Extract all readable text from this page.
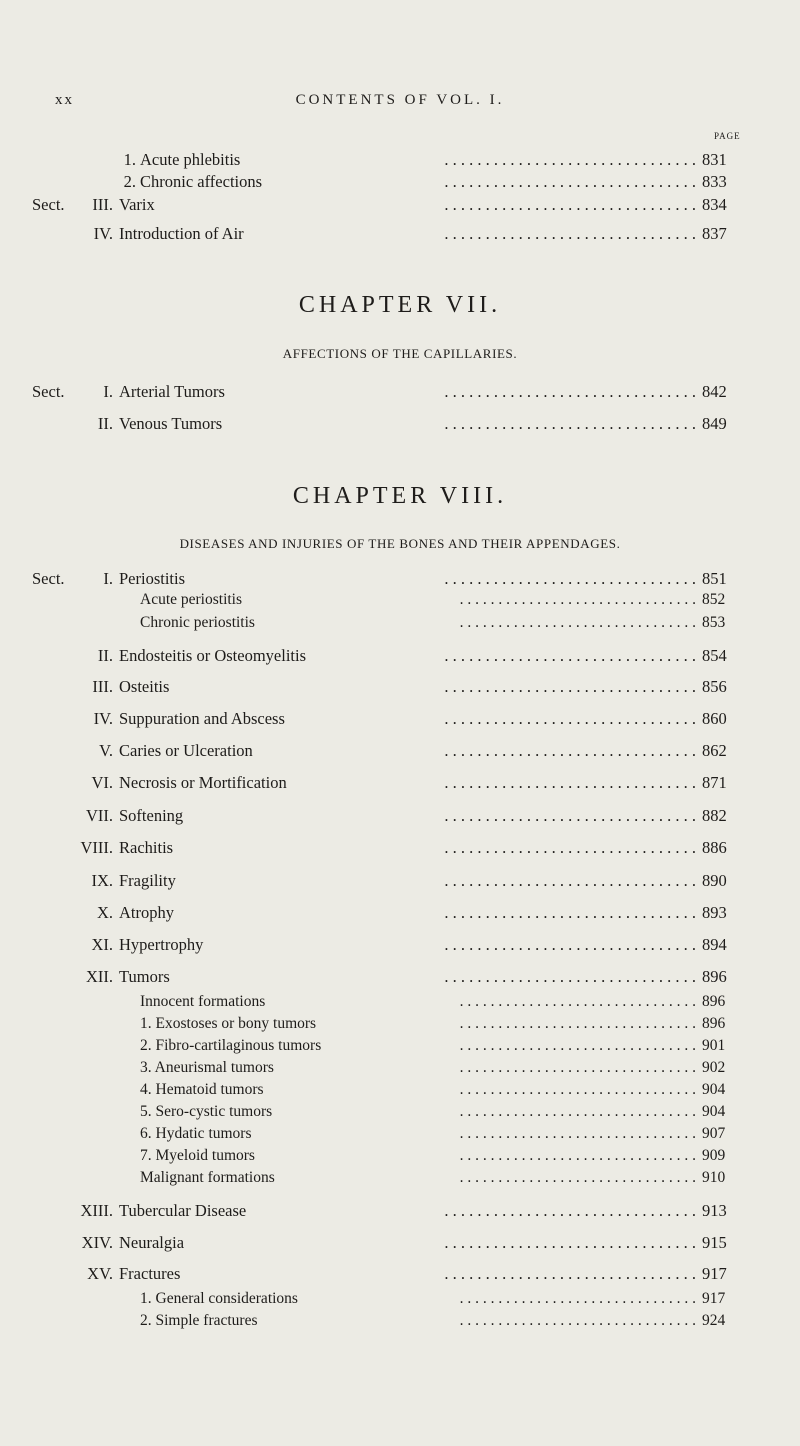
xx	CONTENTS OF VOL. I.
PAGE
1. Acute phlebitis	. . . . . . . . . . . . . . . . . . . . . . . . . . . . . . . 831
2. Chronic affections	. . . . . . . . . . . . . . . . . . . . . . . . . . . . . . . 833
Sect.	III. Varix	. . . . . . . . . . . . . . . . . . . . . . . . . . . . . . . 834
IV. Introduction of Air	. . . . . . . . . . . . . . . . . . . . . . . . . . . . . . . 837
CHAPTER VII.
AFFECTIONS OF THE CAPILLARIES.
Sect.	I. Arterial Tumors	. . . . . . . . . . . . . . . . . . . . . . . . . . . . . . . 842
II. Venous Tumors	. . . . . . . . . . . . . . . . . . . . . . . . . . . . . . . 849
CHAPTER VIII.
DISEASES AND INJURIES OF THE BONES AND THEIR APPENDAGES.
Sect.	I. Periostitis	. . . . . . . . . . . . . . . . . . . . . . . . . . . . . . . 851
Acute periostitis	. . . . . . . . . . . . . . . . . . . . . . . . . . . . . . . 852
Chronic periostitis	. . . . . . . . . . . . . . . . . . . . . . . . . . . . . . . 853
II. Endosteitis or Osteomyelitis	. . . . . . . . . . . . . . . . . . . . . . . . . . . . . . . 854
III. Osteitis	. . . . . . . . . . . . . . . . . . . . . . . . . . . . . . . 856
IV. Suppuration and Abscess	. . . . . . . . . . . . . . . . . . . . . . . . . . . . . . . 860
V. Caries or Ulceration	. . . . . . . . . . . . . . . . . . . . . . . . . . . . . . . 862
VI. Necrosis or Mortification	. . . . . . . . . . . . . . . . . . . . . . . . . . . . . . . 871
VII. Softening	. . . . . . . . . . . . . . . . . . . . . . . . . . . . . . . 882
VIII. Rachitis	. . . . . . . . . . . . . . . . . . . . . . . . . . . . . . . 886
IX. Fragility	. . . . . . . . . . . . . . . . . . . . . . . . . . . . . . . 890
X. Atrophy	. . . . . . . . . . . . . . . . . . . . . . . . . . . . . . . 893
XI. Hypertrophy	. . . . . . . . . . . . . . . . . . . . . . . . . . . . . . . 894
XII. Tumors	. . . . . . . . . . . . . . . . . . . . . . . . . . . . . . . 896
Innocent formations	. . . . . . . . . . . . . . . . . . . . . . . . . . . . . . . 896
1. Exostoses or bony tumors	. . . . . . . . . . . . . . . . . . . . . . . . . . . . . . . 896
2. Fibro-cartilaginous tumors	. . . . . . . . . . . . . . . . . . . . . . . . . . . . . . . 901
3. Aneurismal tumors	. . . . . . . . . . . . . . . . . . . . . . . . . . . . . . . 902
4. Hematoid tumors	. . . . . . . . . . . . . . . . . . . . . . . . . . . . . . . 904
5. Sero-cystic tumors	. . . . . . . . . . . . . . . . . . . . . . . . . . . . . . . 904
6. Hydatic tumors	. . . . . . . . . . . . . . . . . . . . . . . . . . . . . . . 907
7. Myeloid tumors	. . . . . . . . . . . . . . . . . . . . . . . . . . . . . . . 909
Malignant formations	. . . . . . . . . . . . . . . . . . . . . . . . . . . . . . . 910
XIII. Tubercular Disease	. . . . . . . . . . . . . . . . . . . . . . . . . . . . . . . 913
XIV. Neuralgia	. . . . . . . . . . . . . . . . . . . . . . . . . . . . . . . 915
XV. Fractures	. . . . . . . . . . . . . . . . . . . . . . . . . . . . . . . 917
1. General considerations	. . . . . . . . . . . . . . . . . . . . . . . . . . . . . . . 917
2. Simple fractures	. . . . . . . . . . . . . . . . . . . . . . . . . . . . . . . 924
